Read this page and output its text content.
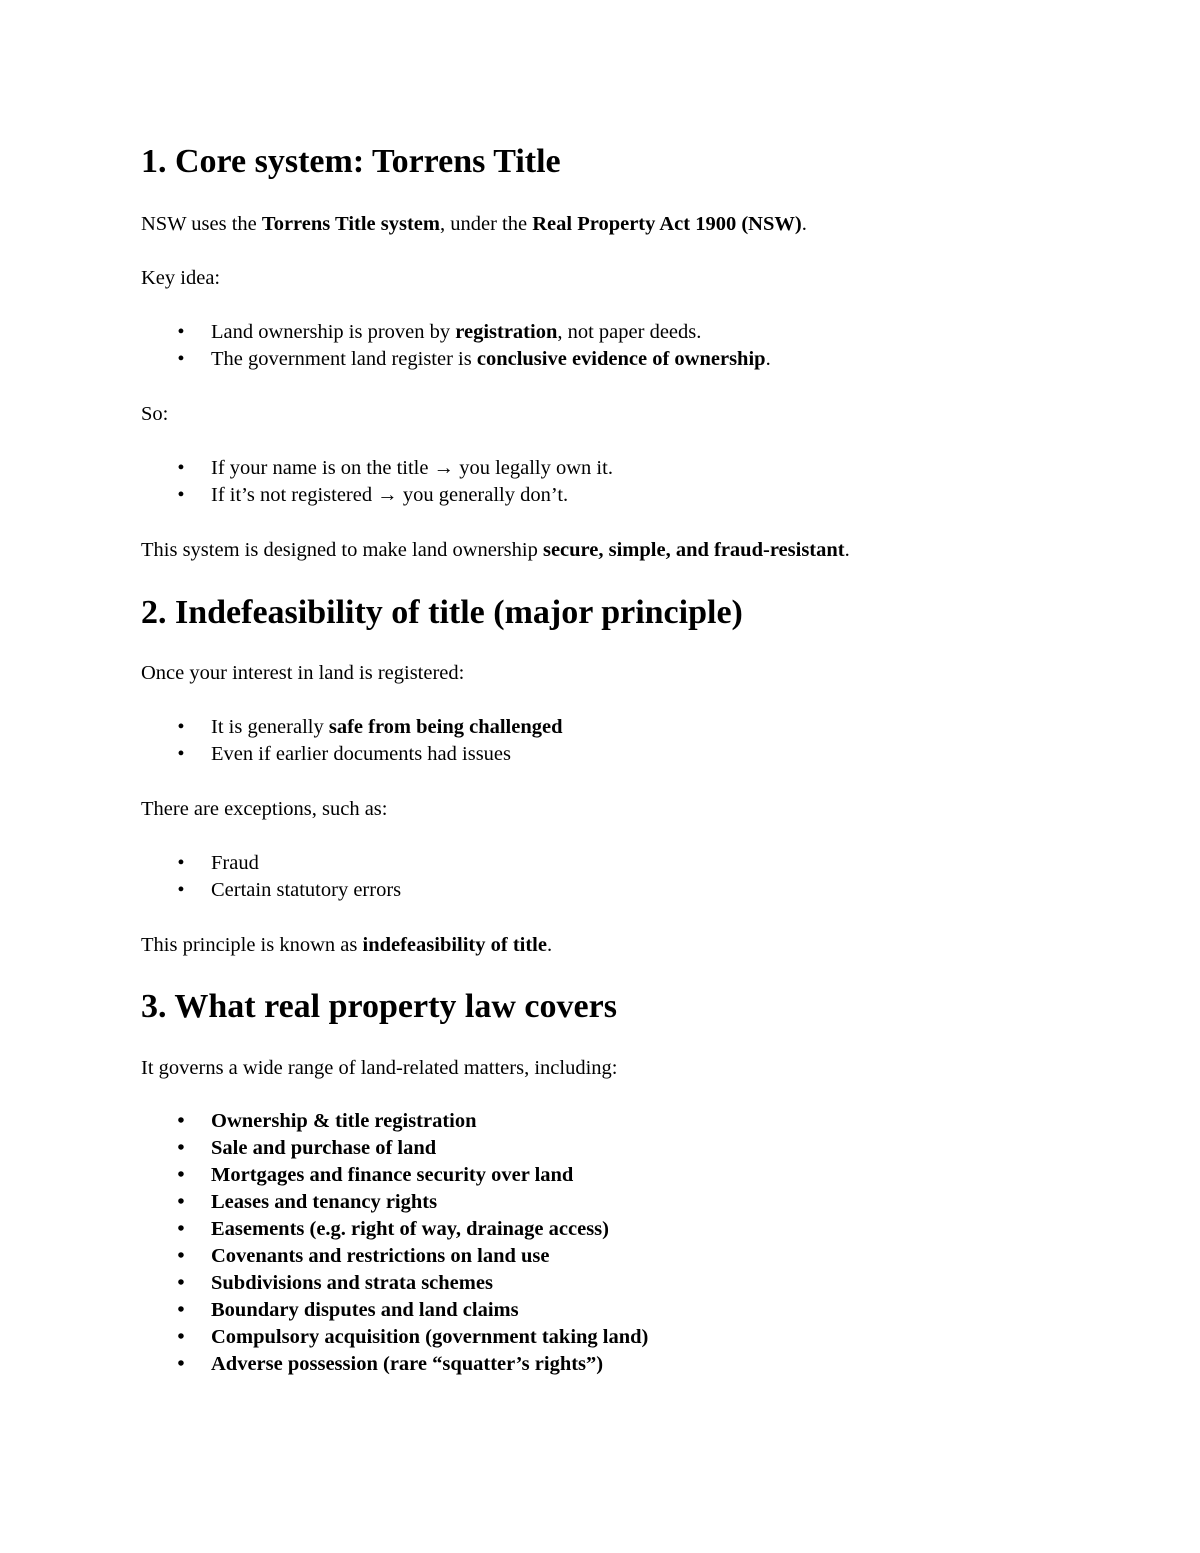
1. Core system: Torrens Title

NSW uses the Torrens Title system, under the Real Property Act 1900 (NSW).

Key idea:

• Land ownership is proven by registration, not paper deeds.
• The government land register is conclusive evidence of ownership.

So:

• If your name is on the title → you legally own it.
• If it’s not registered → you generally don’t.

This system is designed to make land ownership secure, simple, and fraud-resistant.

2. Indefeasibility of title (major principle)

Once your interest in land is registered:

• It is generally safe from being challenged
• Even if earlier documents had issues

There are exceptions, such as:

• Fraud
• Certain statutory errors

This principle is known as indefeasibility of title.

3. What real property law covers

It governs a wide range of land-related matters, including:

• Ownership & title registration
• Sale and purchase of land
• Mortgages and finance security over land
• Leases and tenancy rights
• Easements (e.g. right of way, drainage access)
• Covenants and restrictions on land use
• Subdivisions and strata schemes
• Boundary disputes and land claims
• Compulsory acquisition (government taking land)
• Adverse possession (rare “squatter’s rights”)
